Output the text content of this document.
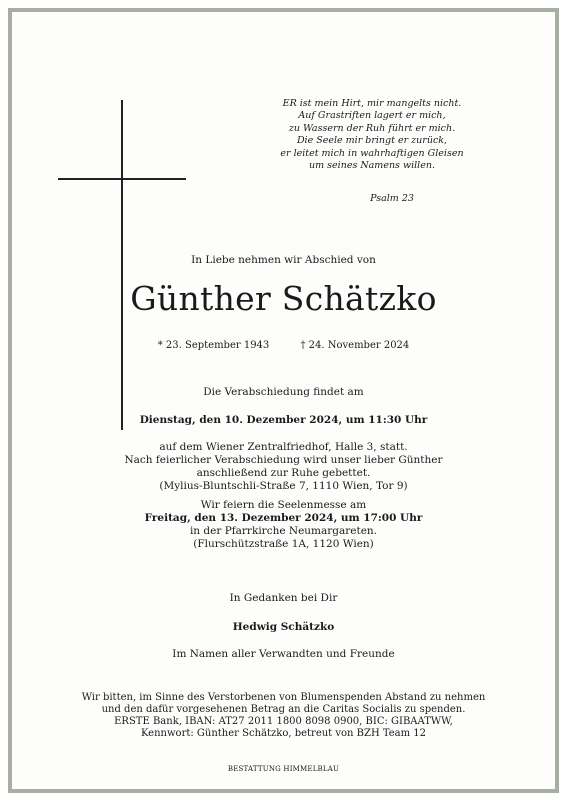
ER ist mein Hirt, mir mangelts nicht.
Auf Grastriften lagert er mich,
zu Wassern der Ruh führt er mich.
Die Seele mir bringt er zurück,
er leitet mich in wahrhaftigen Gleisen
um seines Namens willen.
Psalm 23
In Liebe nehmen wir Abschied von
Günther Schätzko
* 23. September 1943	† 24. November 2024
Die Verabschiedung findet am
Dienstag, den 10. Dezember 2024, um 11:30 Uhr
auf dem Wiener Zentralfriedhof, Halle 3, statt.
Nach feierlicher Verabschiedung wird unser lieber Günther
anschließend zur Ruhe gebettet.
(Mylius-Bluntschli-Straße 7, 1110 Wien, Tor 9)
Wir feiern die Seelenmesse am
Freitag, den 13. Dezember 2024, um 17:00 Uhr
in der Pfarrkirche Neumargareten.
(Flurschützstraße 1A, 1120 Wien)
In Gedanken bei Dir
Hedwig Schätzko
Im Namen aller Verwandten und Freunde
Wir bitten, im Sinne des Verstorbenen von Blumenspenden Abstand zu nehmen
und den dafür vorgesehenen Betrag an die Caritas Socialis zu spenden.
ERSTE Bank, IBAN: AT27 2011 1800 8098 0900, BIC: GIBAATWW,
Kennwort: Günther Schätzko, betreut von BZH Team 12
BESTATTUNG HIMMELBLAU
